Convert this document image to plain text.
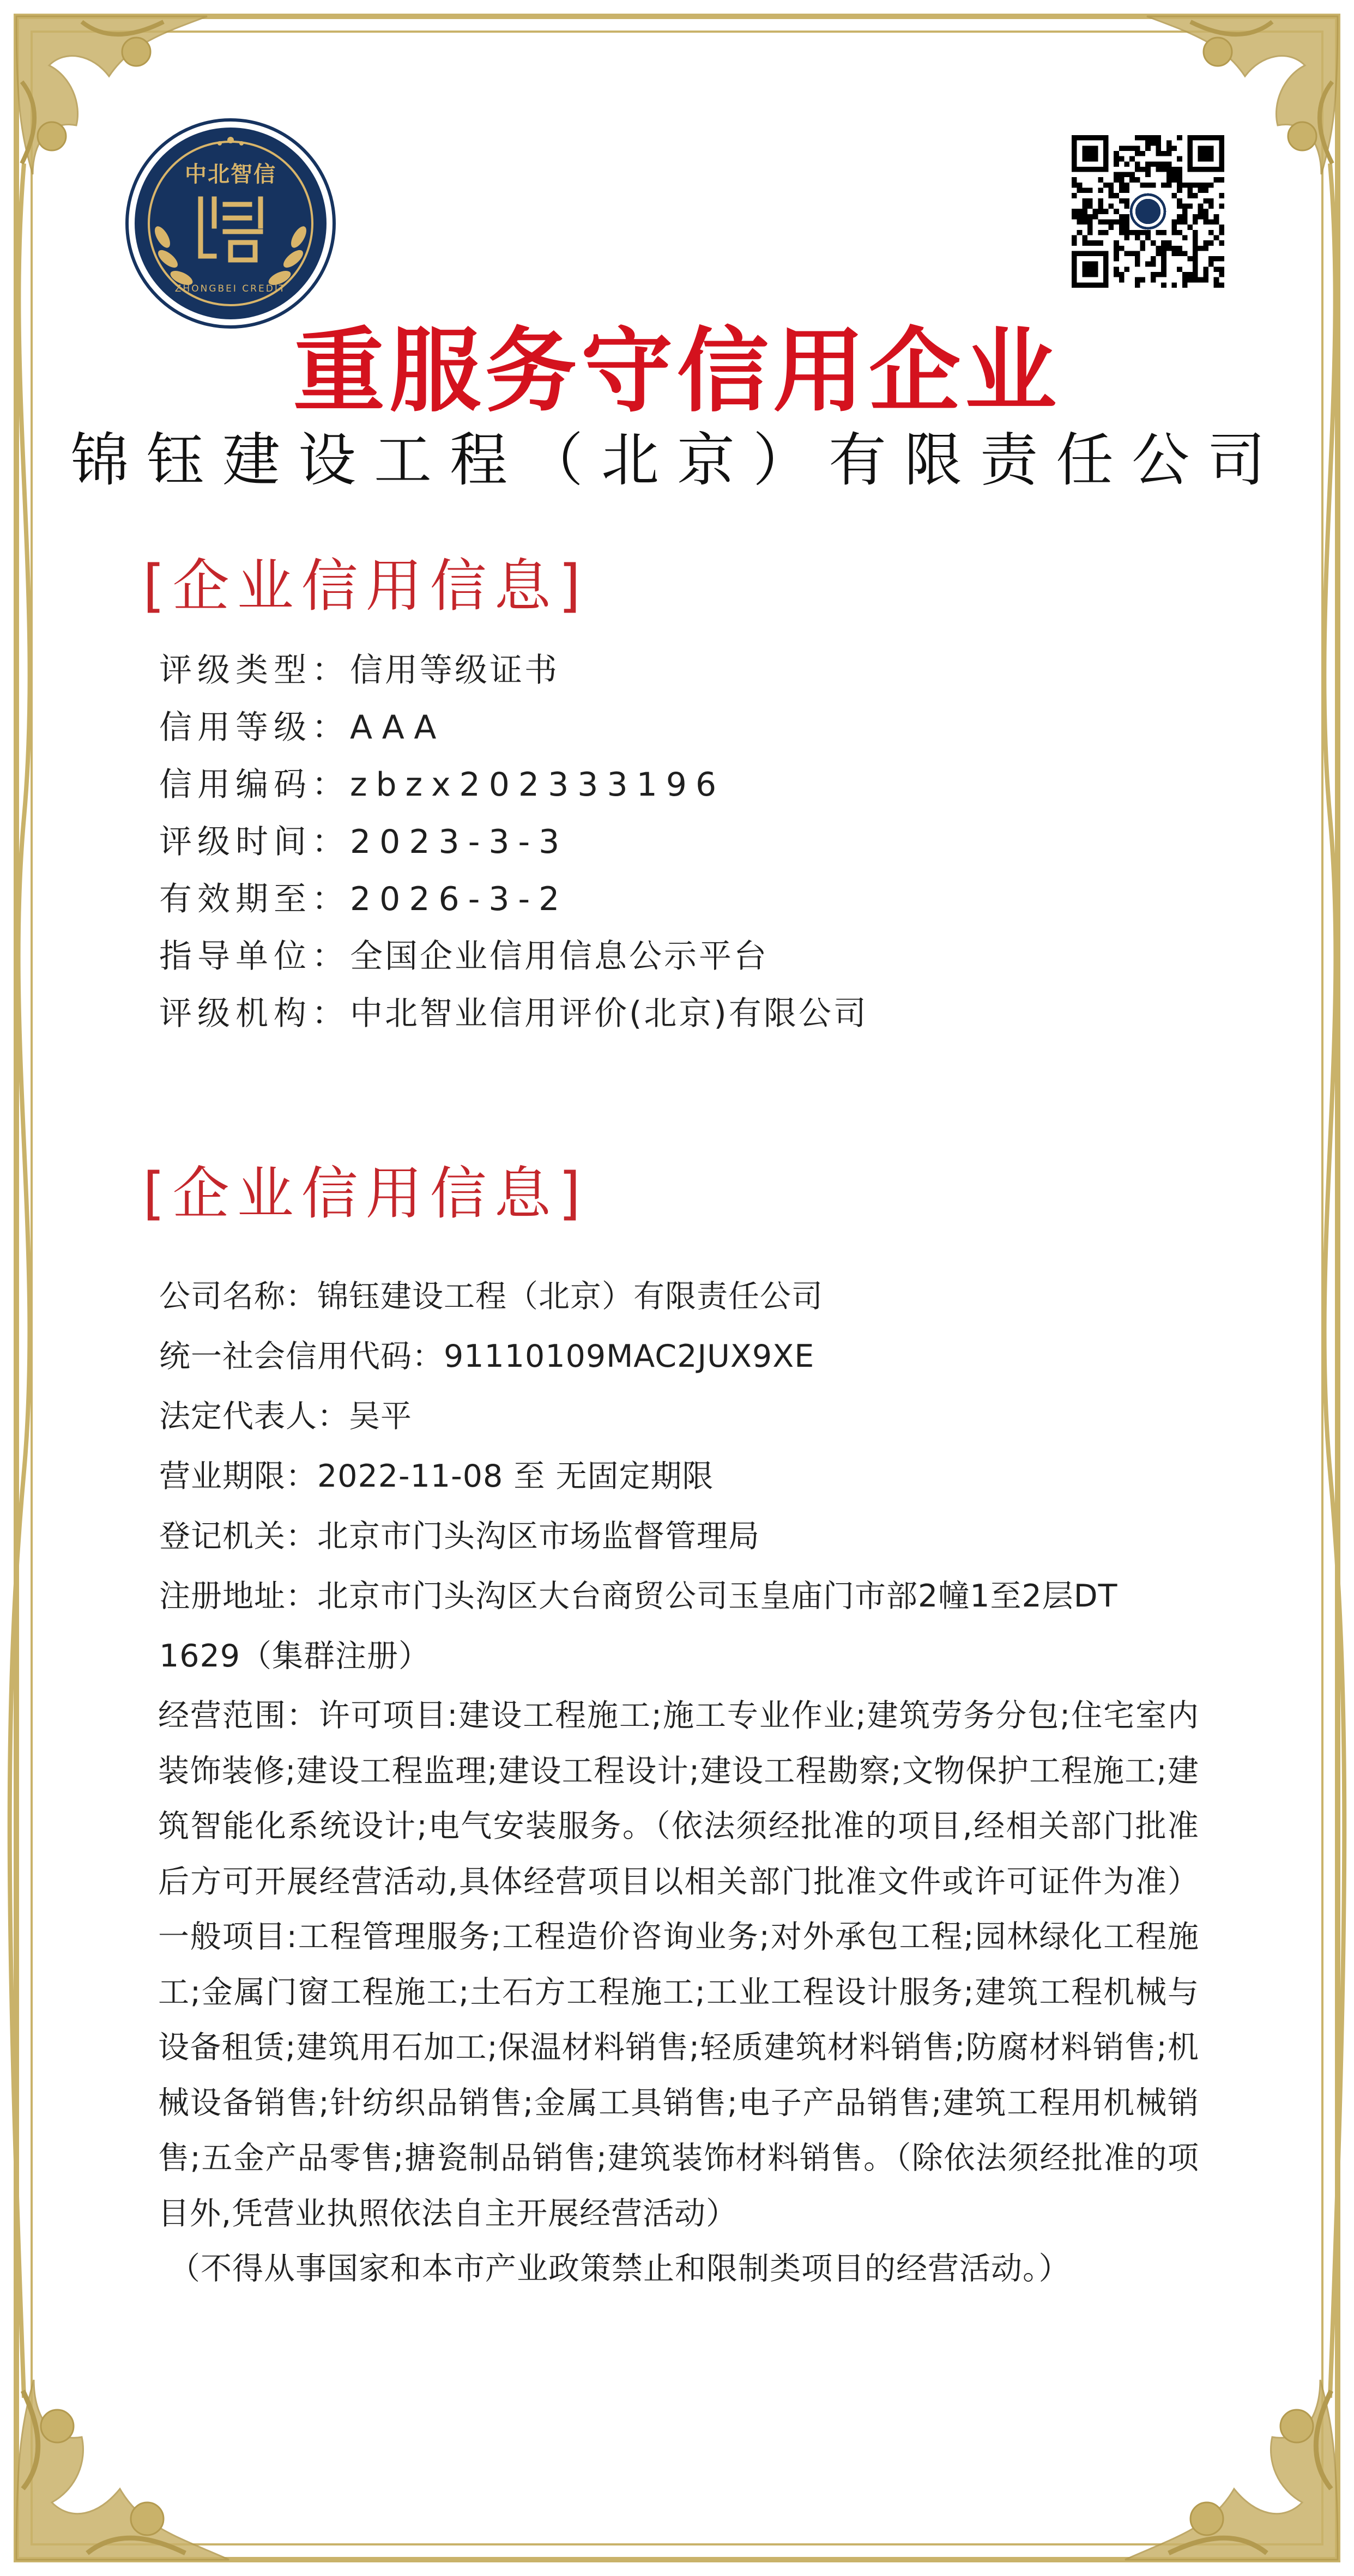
中北智信
ZHONGBEI CREDIT
重服务守信用企业
锦钰建设工程（北京）有限责任公司
[企业信用信息]
评级类型：信用等级证书
信用等级：AAA
信用编码：zbzx202333196
评级时间：2023-3-3
有效期至：2026-3-2
指导单位：全国企业信用信息公示平台
评级机构：中北智业信用评价(北京)有限公司
[企业信用信息]
公司名称：锦钰建设工程（北京）有限责任公司
统一社会信用代码：91110109MAC2JUX9XE
法定代表人：吴平
营业期限：2022-11-08 至 无固定期限
登记机关：北京市门头沟区市场监督管理局
注册地址：北京市门头沟区大台商贸公司玉皇庙门市部2幢1至2层DT
1629（集群注册）
经营范围：许可项目:建设工程施工;施工专业作业;建筑劳务分包;住宅室内装饰装修;建设工程监理;建设工程设计;建设工程勘察;文物保护工程施工;建筑智能化系统设计;电气安装服务。（依法须经批准的项目,经相关部门批准后方可开展经营活动,具体经营项目以相关部门批准文件或许可证件为准）一般项目:工程管理服务;工程造价咨询业务;对外承包工程;园林绿化工程施工;金属门窗工程施工;土石方工程施工;工业工程设计服务;建筑工程机械与设备租赁;建筑用石加工;保温材料销售;轻质建筑材料销售;防腐材料销售;机械设备销售;针纺织品销售;金属工具销售;电子产品销售;建筑工程用机械销售;五金产品零售;搪瓷制品销售;建筑装饰材料销售。（除依法须经批准的项目外,凭营业执照依法自主开展经营活动）
（不得从事国家和本市产业政策禁止和限制类项目的经营活动。）
